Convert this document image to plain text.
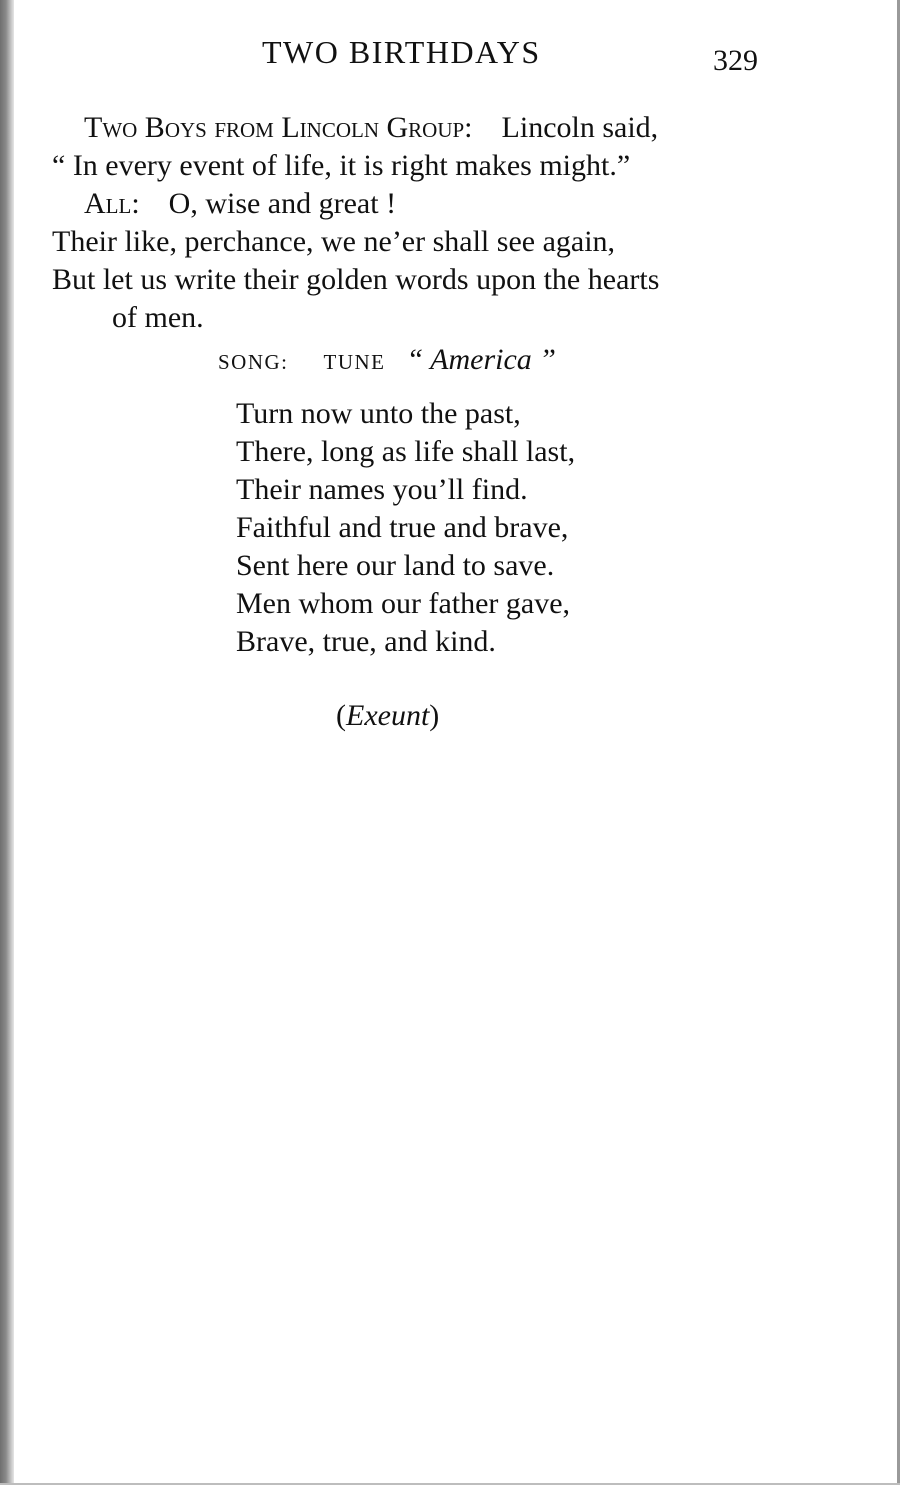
TWO BIRTHDAYS	329
Two Boys from Lincoln Group: Lincoln said,
“ In every event of life, it is right makes might.”
All: O, wise and great !
Their like, perchance, we ne’er shall see again,
But let us write their golden words upon the hearts
of men.
SONG: TUNE “ America ”
Turn now unto the past,
There, long as life shall last,
Their names you’ll find.
Faithful and true and brave,
Sent here our land to save.
Men whom our father gave,
Brave, true, and kind.
(Exeunt)
